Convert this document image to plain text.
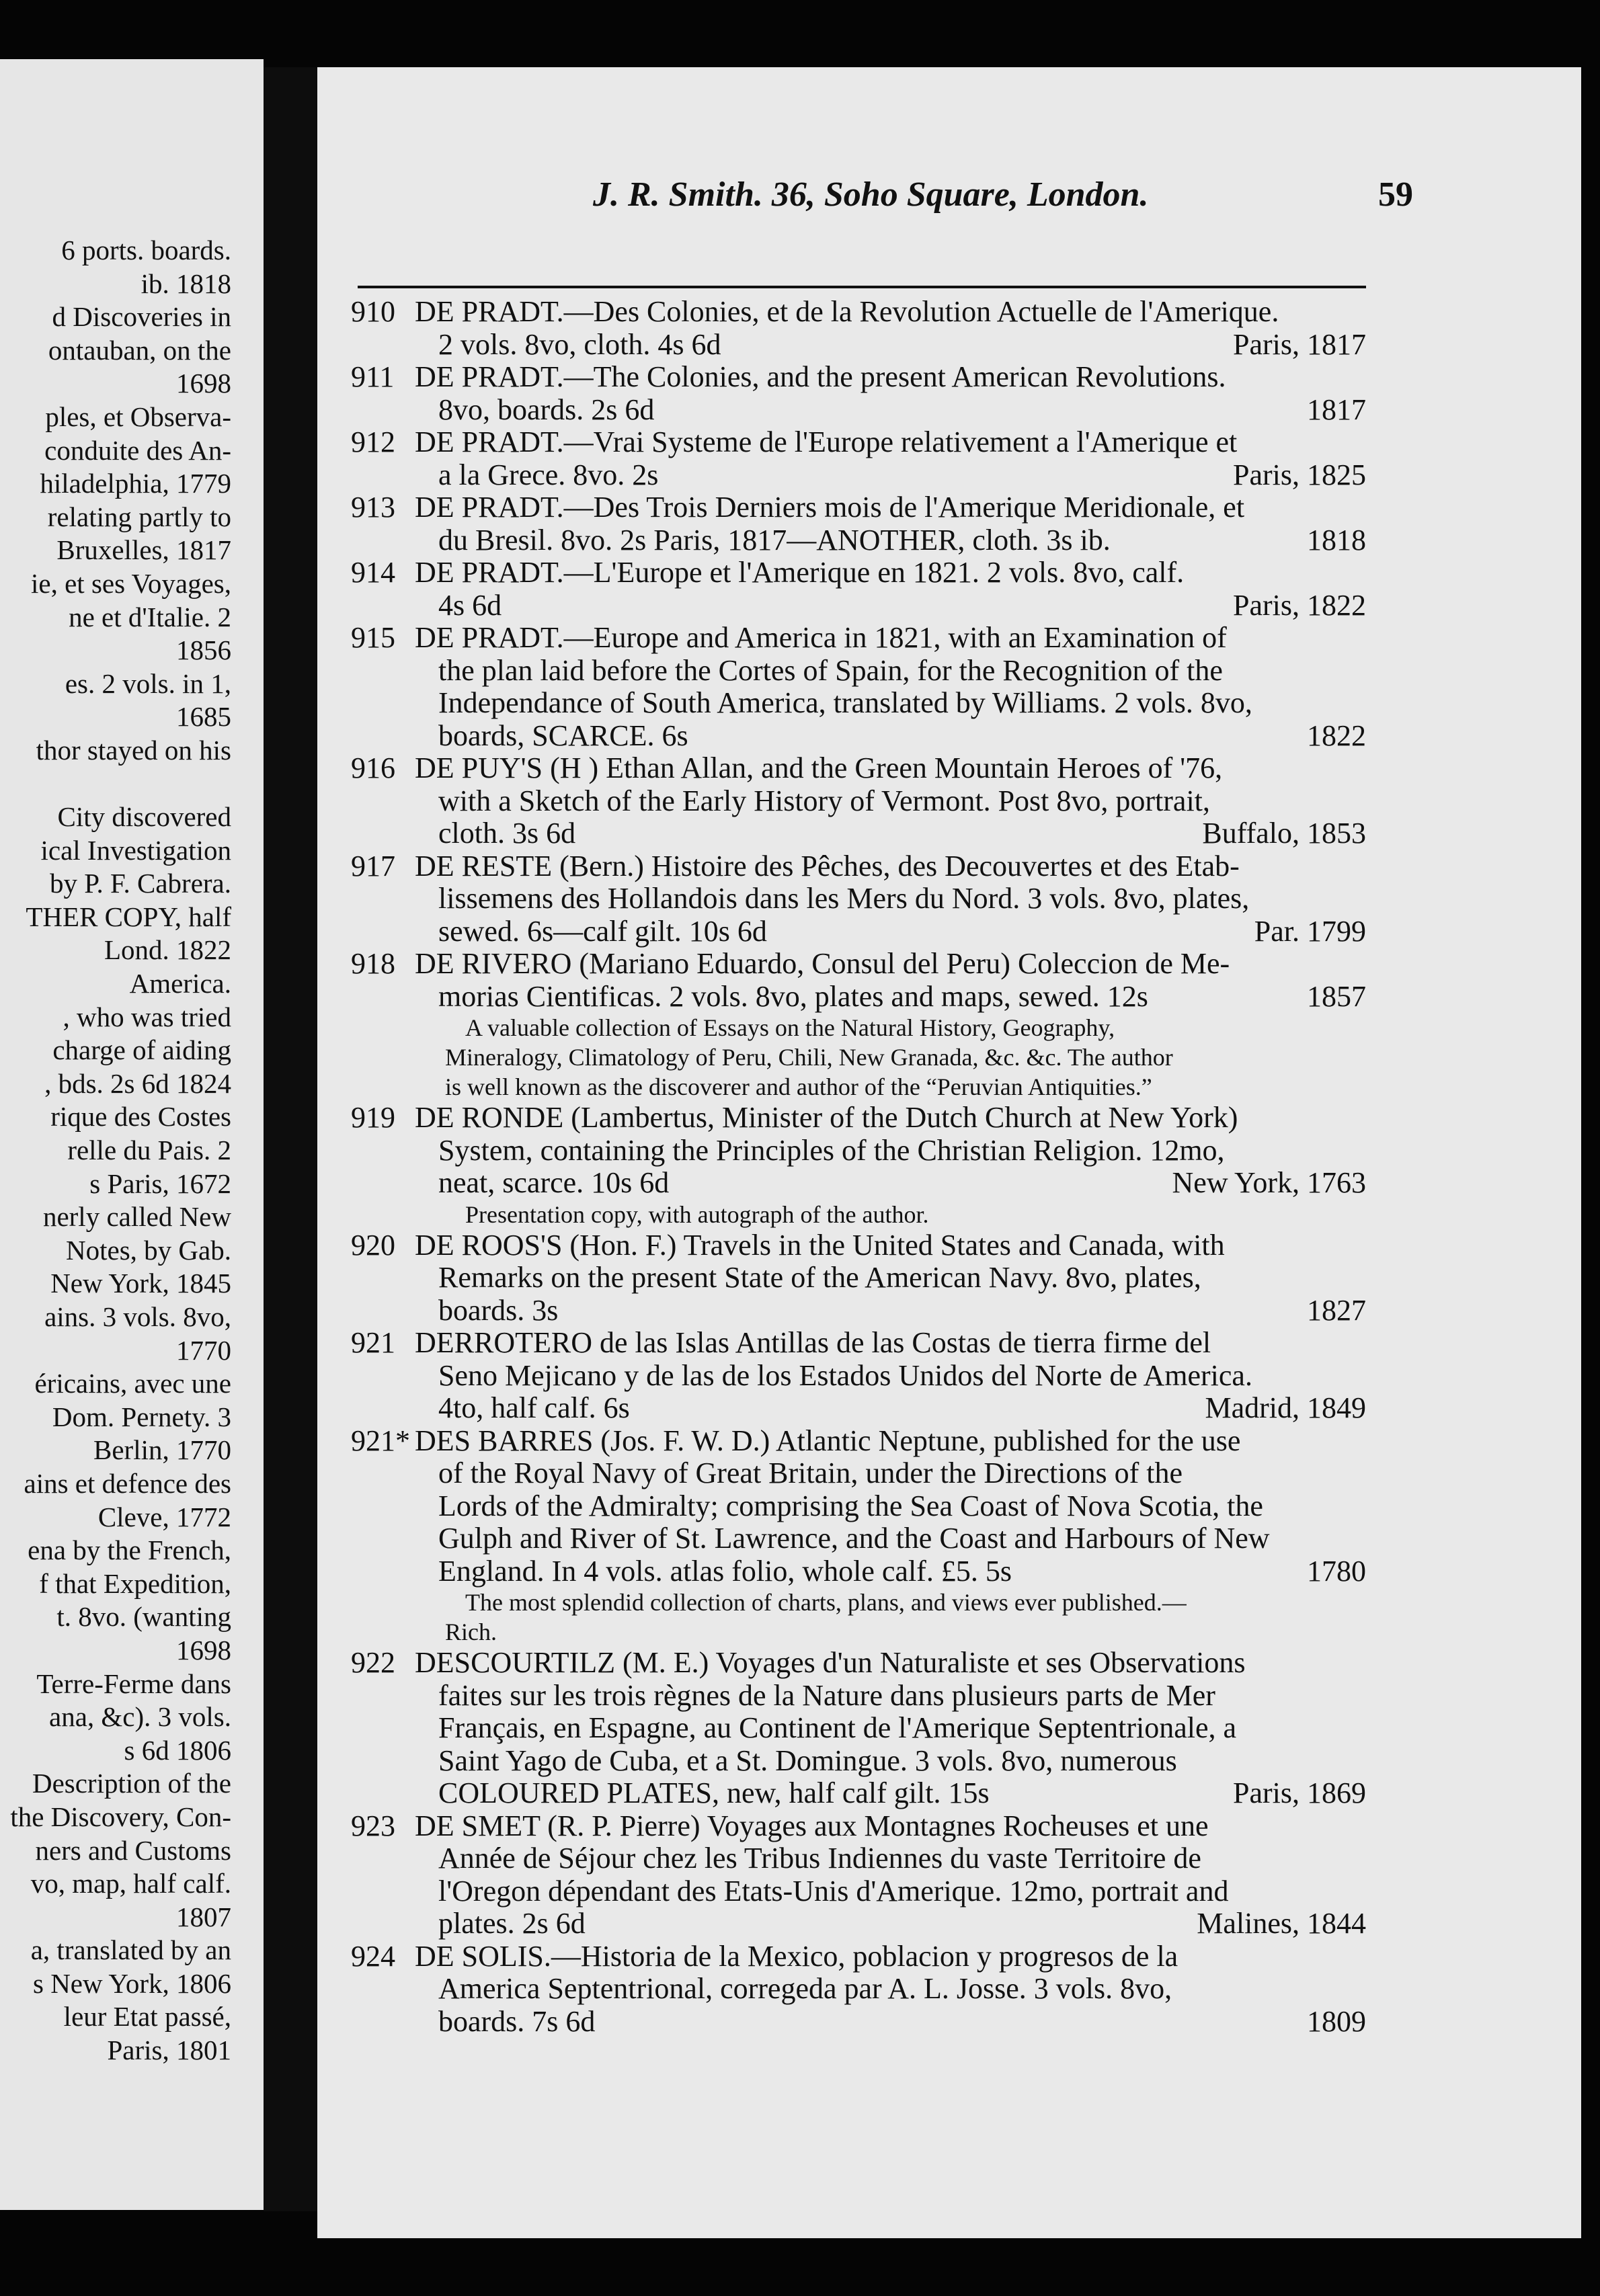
6 ports. boards.
ib. 1818
d Discoveries in
ontauban, on the
1698
ples, et Observa-
conduite des An-
hiladelphia, 1779
relating partly to
Bruxelles, 1817
ie, et ses Voyages,
ne et d'Italie. 2
1856
es. 2 vols. in 1,
1685
thor stayed on his

City discovered
ical Investigation
by P. F. Cabrera.
THER COPY, half
Lond. 1822
America.
, who was tried
charge of aiding
, bds. 2s 6d 1824
rique des Costes
relle du Pais. 2
s Paris, 1672
nerly called New
Notes, by Gab.
New York, 1845
ains. 3 vols. 8vo,
1770
éricains, avec une
Dom. Pernety. 3
Berlin, 1770
ains et defence des
Cleve, 1772
ena by the French,
f that Expedition,
t. 8vo. (wanting
1698
Terre-Ferme dans
ana, &c). 3 vols.
s 6d 1806
Description of the
the Discovery, Con-
ners and Customs
vo, map, half calf.
1807
a, translated by an
s New York, 1806
leur Etat passé,
Paris, 1801
J. R. Smith. 36, Soho Square, London.	59
910 DE PRADT.—Des Colonies, et de la Revolution Actuelle de l'Amerique.
2 vols. 8vo, cloth. 4s 6d	Paris, 1817
911 DE PRADT.—The Colonies, and the present American Revolutions.
8vo, boards. 2s 6d	1817
912 DE PRADT.—Vrai Systeme de l'Europe relativement a l'Amerique et
a la Grece. 8vo. 2s	Paris, 1825
913 DE PRADT.—Des Trois Derniers mois de l'Amerique Meridionale, et
du Bresil. 8vo. 2s Paris, 1817—ANOTHER, cloth. 3s ib.	1818
914 DE PRADT.—L'Europe et l'Amerique en 1821. 2 vols. 8vo, calf.
4s 6d	Paris, 1822
915 DE PRADT.—Europe and America in 1821, with an Examination of
the plan laid before the Cortes of Spain, for the Recognition of the
Independance of South America, translated by Williams. 2 vols. 8vo,
boards, SCARCE. 6s	1822
916 DE PUY'S (H ) Ethan Allan, and the Green Mountain Heroes of '76,
with a Sketch of the Early History of Vermont. Post 8vo, portrait,
cloth. 3s 6d	Buffalo, 1853
917 DE RESTE (Bern.) Histoire des Pêches, des Decouvertes et des Etab-
lissemens des Hollandois dans les Mers du Nord. 3 vols. 8vo, plates,
sewed. 6s—calf gilt. 10s 6d	Par. 1799
918 DE RIVERO (Mariano Eduardo, Consul del Peru) Coleccion de Me-
morias Cientificas. 2 vols. 8vo, plates and maps, sewed. 12s	1857
A valuable collection of Essays on the Natural History, Geography,
Mineralogy, Climatology of Peru, Chili, New Granada, &c. &c. The author
is well known as the discoverer and author of the “Peruvian Antiquities.”
919 DE RONDE (Lambertus, Minister of the Dutch Church at New York)
System, containing the Principles of the Christian Religion. 12mo,
neat, scarce. 10s 6d	New York, 1763
Presentation copy, with autograph of the author.
920 DE ROOS'S (Hon. F.) Travels in the United States and Canada, with
Remarks on the present State of the American Navy. 8vo, plates,
boards. 3s	1827
921 DERROTERO de las Islas Antillas de las Costas de tierra firme del
Seno Mejicano y de las de los Estados Unidos del Norte de America.
4to, half calf. 6s	Madrid, 1849
921* DES BARRES (Jos. F. W. D.) Atlantic Neptune, published for the use
of the Royal Navy of Great Britain, under the Directions of the
Lords of the Admiralty; comprising the Sea Coast of Nova Scotia, the
Gulph and River of St. Lawrence, and the Coast and Harbours of New
England. In 4 vols. atlas folio, whole calf. £5. 5s	1780
The most splendid collection of charts, plans, and views ever published.—
Rich.
922 DESCOURTILZ (M. E.) Voyages d'un Naturaliste et ses Observations
faites sur les trois règnes de la Nature dans plusieurs parts de Mer
Français, en Espagne, au Continent de l'Amerique Septentrionale, a
Saint Yago de Cuba, et a St. Domingue. 3 vols. 8vo, numerous
COLOURED PLATES, new, half calf gilt. 15s	Paris, 1869
923 DE SMET (R. P. Pierre) Voyages aux Montagnes Rocheuses et une
Année de Séjour chez les Tribus Indiennes du vaste Territoire de
l'Oregon dépendant des Etats-Unis d'Amerique. 12mo, portrait and
plates. 2s 6d	Malines, 1844
924 DE SOLIS.—Historia de la Mexico, poblacion y progresos de la
America Septentrional, corregeda par A. L. Josse. 3 vols. 8vo,
boards. 7s 6d	1809
